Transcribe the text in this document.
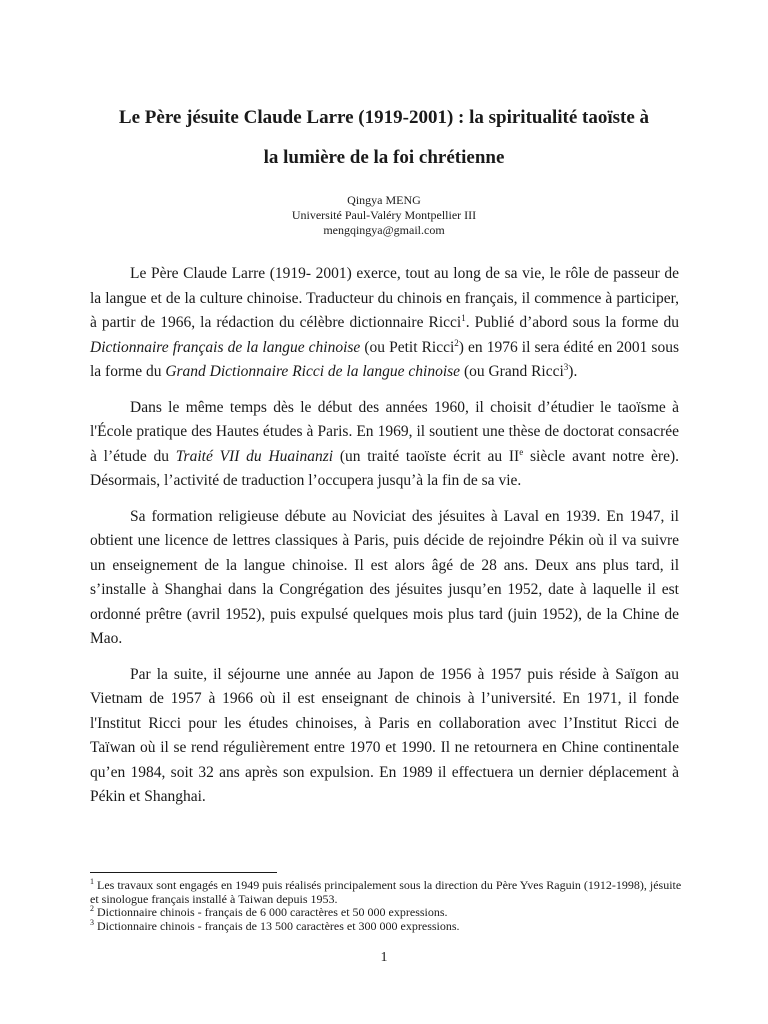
Le Père jésuite Claude Larre (1919-2001) : la spiritualité taoïste à
la lumière de la foi chrétienne
Qingya MENG
Université Paul-Valéry Montpellier III
mengqingya@gmail.com

Le Père Claude Larre (1919- 2001) exerce, tout au long de sa vie, le rôle de passeur de la langue et de la culture chinoise. Traducteur du chinois en français, il commence à participer, à partir de 1966, la rédaction du célèbre dictionnaire Ricci$^1$. Publié d’abord sous la forme du Dictionnaire français de la langue chinoise (ou Petit Ricci$^2$) en 1976 il sera édité en 2001 sous la forme du Grand Dictionnaire Ricci de la langue chinoise (ou Grand Ricci$^3$).

Dans le même temps dès le début des années 1960, il choisit d’étudier le taoïsme à l'École pratique des Hautes études à Paris. En 1969, il soutient une thèse de doctorat consacrée à l’étude du Traité VII du Huainanzi (un traité taoïste écrit au IIe siècle avant notre ère). Désormais, l’activité de traduction l’occupera jusqu’à la fin de sa vie.

Sa formation religieuse débute au Noviciat des jésuites à Laval en 1939. En 1947, il obtient une licence de lettres classiques à Paris, puis décide de rejoindre Pékin où il va suivre un enseignement de la langue chinoise. Il est alors âgé de 28 ans. Deux ans plus tard, il s’installe à Shanghai dans la Congrégation des jésuites jusqu’en 1952, date à laquelle il est ordonné prêtre (avril 1952), puis expulsé quelques mois plus tard (juin 1952), de la Chine de Mao.

Par la suite, il séjourne une année au Japon de 1956 à 1957 puis réside à Saïgon au Vietnam de 1957 à 1966 où il est enseignant de chinois à l’université. En 1971, il fonde l'Institut Ricci pour les études chinoises, à Paris en collaboration avec l’Institut Ricci de Taïwan où il se rend régulièrement entre 1970 et 1990. Il ne retournera en Chine continentale qu’en 1984, soit 32 ans après son expulsion. En 1989 il effectuera un dernier déplacement à Pékin et Shanghai.

$^1$ Les travaux sont engagés en 1949 puis réalisés principalement sous la direction du Père Yves Raguin (1912-1998), jésuite et sinologue français installé à Taiwan depuis 1953.
$^2$ Dictionnaire chinois - français de 6 000 caractères et 50 000 expressions.
$^3$ Dictionnaire chinois - français de 13 500 caractères et 300 000 expressions.
1
